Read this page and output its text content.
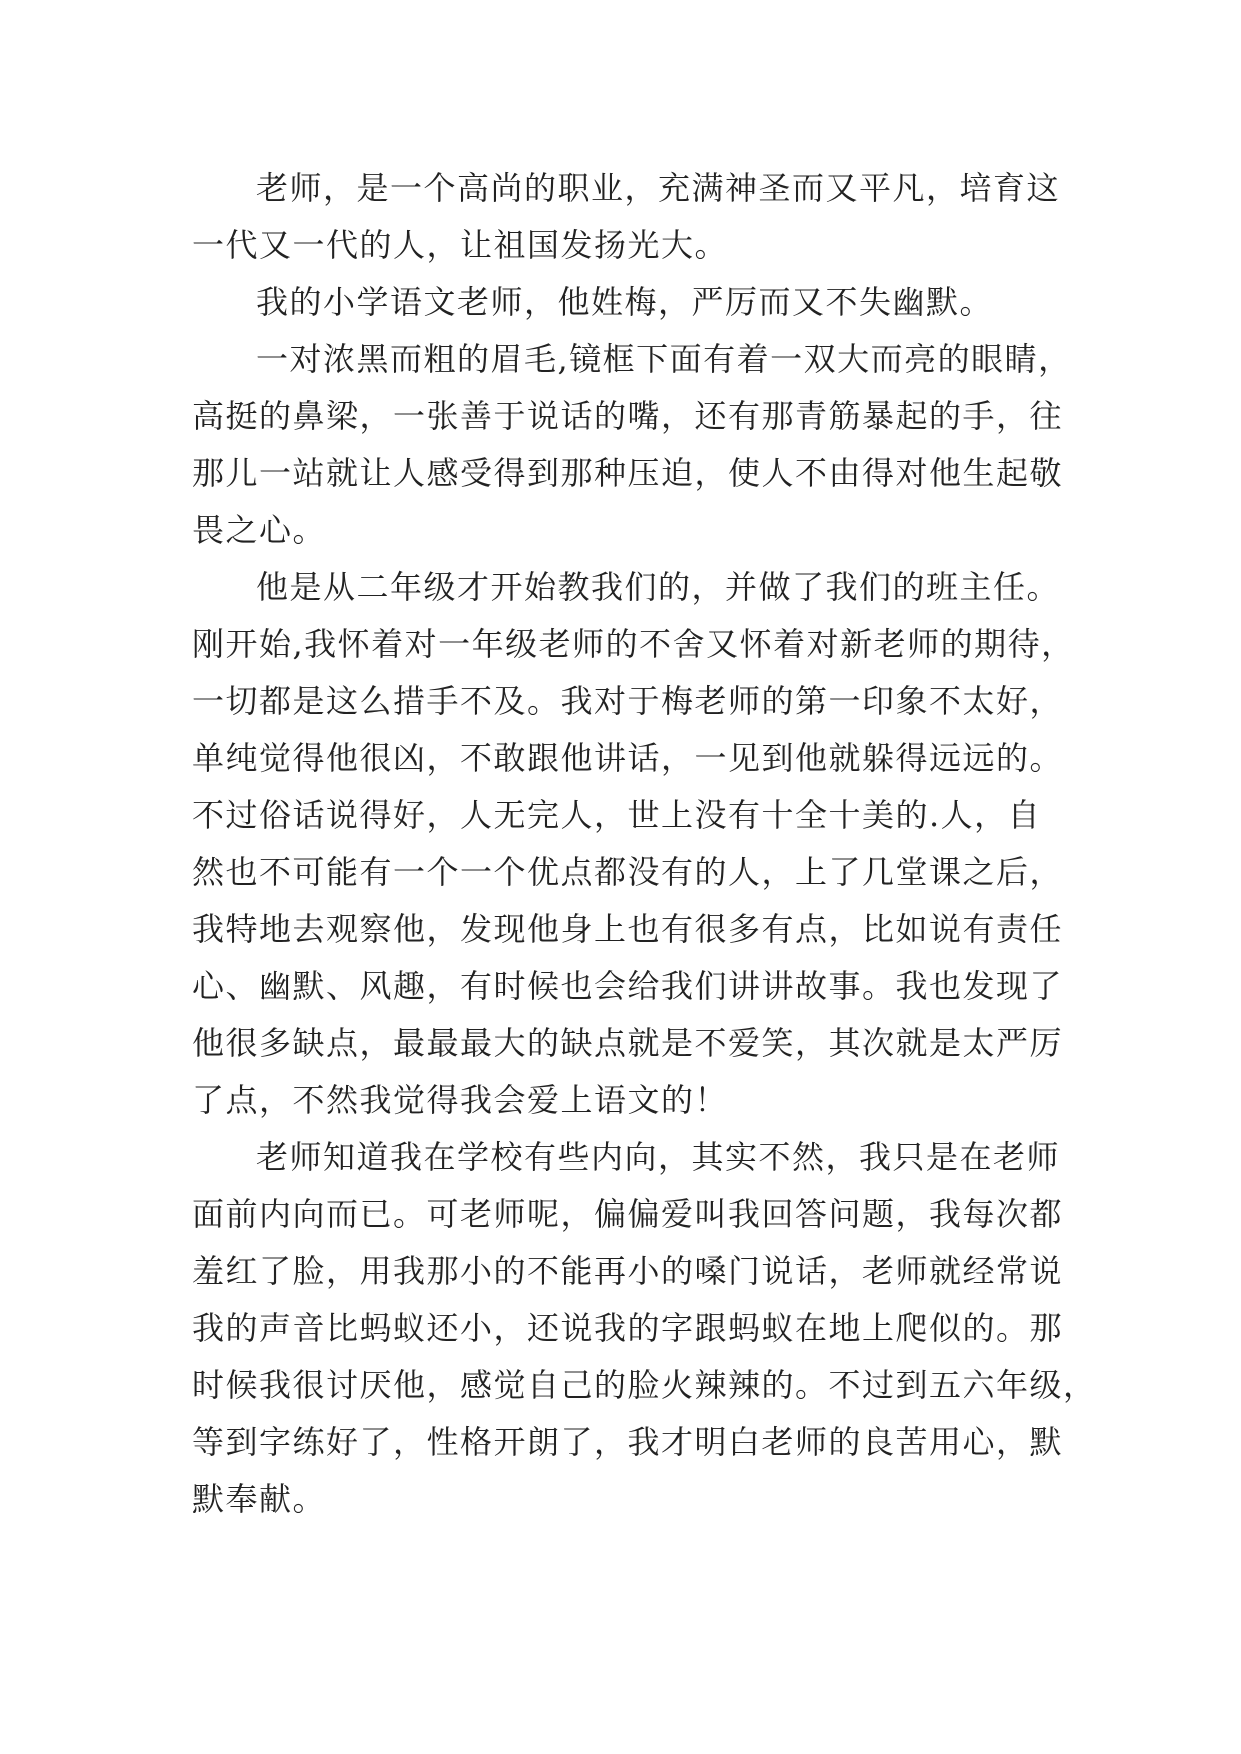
老师，是一个高尚的职业，充满神圣而又平凡，培育这
一代又一代的人，让祖国发扬光大。
我的小学语文老师，他姓梅，严厉而又不失幽默。
一对浓黑而粗的眉毛,镜框下面有着一双大而亮的眼睛，
高挺的鼻梁，一张善于说话的嘴，还有那青筋暴起的手，往
那儿一站就让人感受得到那种压迫，使人不由得对他生起敬
畏之心。
他是从二年级才开始教我们的，并做了我们的班主任。
刚开始,我怀着对一年级老师的不舍又怀着对新老师的期待，
一切都是这么措手不及。我对于梅老师的第一印象不太好，
单纯觉得他很凶，不敢跟他讲话，一见到他就躲得远远的。
不过俗话说得好，人无完人，世上没有十全十美的.人，自
然也不可能有一个一个优点都没有的人，上了几堂课之后，
我特地去观察他，发现他身上也有很多有点，比如说有责任
心、幽默、风趣，有时候也会给我们讲讲故事。我也发现了
他很多缺点，最最最大的缺点就是不爱笑，其次就是太严厉
了点，不然我觉得我会爱上语文的！
老师知道我在学校有些内向，其实不然，我只是在老师
面前内向而已。可老师呢，偏偏爱叫我回答问题，我每次都
羞红了脸，用我那小的不能再小的嗓门说话，老师就经常说
我的声音比蚂蚁还小，还说我的字跟蚂蚁在地上爬似的。那
时候我很讨厌他，感觉自己的脸火辣辣的。不过到五六年级，
等到字练好了，性格开朗了，我才明白老师的良苦用心，默
默奉献。
